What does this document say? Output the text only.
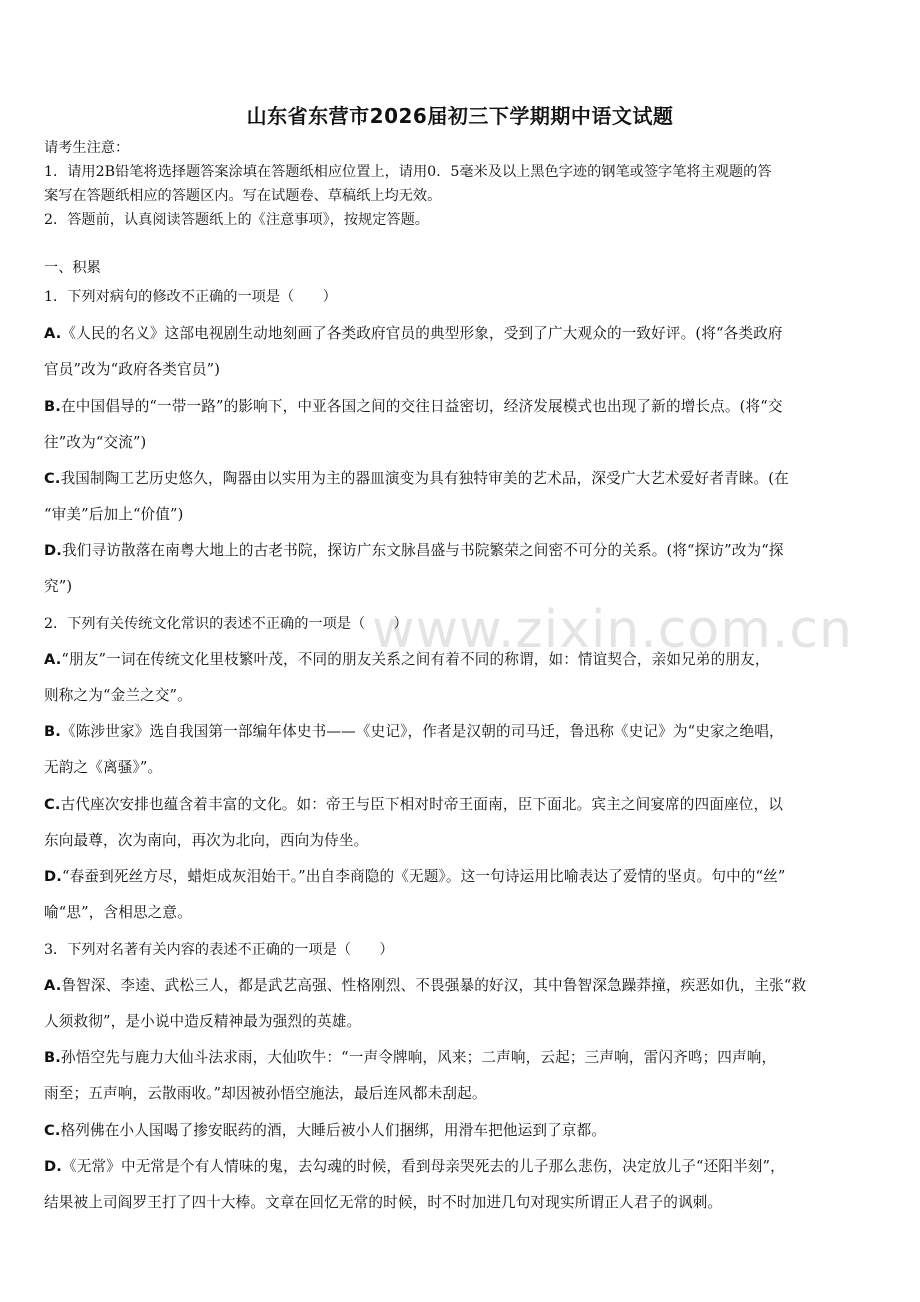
www.zixin.com.cn
山东省东营市2026届初三下学期期中语文试题
请考生注意：
1．请用2B铅笔将选择题答案涂填在答题纸相应位置上，请用0．5毫米及以上黑色字迹的钢笔或签字笔将主观题的答
案写在答题纸相应的答题区内。写在试题卷、草稿纸上均无效。
2．答题前，认真阅读答题纸上的《注意事项》，按规定答题。
一、积累
1．下列对病句的修改不正确的一项是（　　）
A.《人民的名义》这部电视剧生动地刻画了各类政府官员的典型形象，受到了广大观众的一致好评。(将“各类政府
官员”改为“政府各类官员”)
B.在中国倡导的“一带一路”的影响下，中亚各国之间的交往日益密切，经济发展模式也出现了新的增长点。(将“交
往”改为“交流”)
C.我国制陶工艺历史悠久，陶器由以实用为主的器皿演变为具有独特审美的艺术品，深受广大艺术爱好者青睐。(在
“审美”后加上“价值”)
D.我们寻访散落在南粤大地上的古老书院，探访广东文脉昌盛与书院繁荣之间密不可分的关系。(将“探访”改为“探
究”)
2．下列有关传统文化常识的表述不正确的一项是（　　）
A.“朋友”一词在传统文化里枝繁叶茂，不同的朋友关系之间有着不同的称谓，如：情谊契合，亲如兄弟的朋友，
则称之为“金兰之交”。
B.《陈涉世家》选自我国第一部编年体史书——《史记》，作者是汉朝的司马迁，鲁迅称《史记》为“史家之绝唱，
无韵之《离骚》”。
C.古代座次安排也蕴含着丰富的文化。如：帝王与臣下相对时帝王面南，臣下面北。宾主之间宴席的四面座位，以
东向最尊，次为南向，再次为北向，西向为侍坐。
D.“春蚕到死丝方尽，蜡炬成灰泪始干。”出自李商隐的《无题》。这一句诗运用比喻表达了爱情的坚贞。句中的“丝”
喻“思”，含相思之意。
3．下列对名著有关内容的表述不正确的一项是（　　）
A.鲁智深、李逵、武松三人，都是武艺高强、性格刚烈、不畏强暴的好汉，其中鲁智深急躁莽撞，疾恶如仇，主张“救
人须救彻”，是小说中造反精神最为强烈的英雄。
B.孙悟空先与鹿力大仙斗法求雨，大仙吹牛：“一声令牌响，风来；二声响，云起；三声响，雷闪齐鸣；四声响，
雨至；五声响，云散雨收。”却因被孙悟空施法，最后连风都未刮起。
C.格列佛在小人国喝了掺安眠药的酒，大睡后被小人们捆绑，用滑车把他运到了京都。
D.《无常》中无常是个有人情味的鬼，去勾魂的时候，看到母亲哭死去的儿子那么悲伤，决定放儿子“还阳半刻”，
结果被上司阎罗王打了四十大棒。文章在回忆无常的时候，时不时加进几句对现实所谓正人君子的讽刺。
